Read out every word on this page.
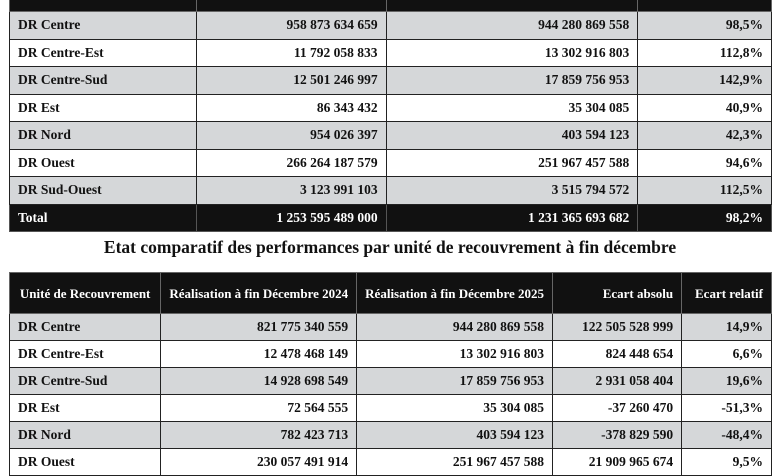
DR Centre	958 873 634 659	944 280 869 558	98,5%
DR Centre-Est	11 792 058 833	13 302 916 803	112,8%
DR Centre-Sud	12 501 246 997	17 859 756 953	142,9%
DR Est	86 343 432	35 304 085	40,9%
DR Nord	954 026 397	403 594 123	42,3%
DR Ouest	266 264 187 579	251 967 457 588	94,6%
DR Sud-Ouest	3 123 991 103	3 515 794 572	112,5%
Total	1 253 595 489 000	1 231 365 693 682	98,2%
Etat comparatif des performances par unité de recouvrement à fin décembre
Unité de Recouvrement	Réalisation à fin Décembre 2024	Réalisation à fin Décembre 2025	Ecart absolu	Ecart relatif
DR Centre	821 775 340 559	944 280 869 558	122 505 528 999	14,9%
DR Centre-Est	12 478 468 149	13 302 916 803	824 448 654	6,6%
DR Centre-Sud	14 928 698 549	17 859 756 953	2 931 058 404	19,6%
DR Est	72 564 555	35 304 085	-37 260 470	-51,3%
DR Nord	782 423 713	403 594 123	-378 829 590	-48,4%
DR Ouest	230 057 491 914	251 967 457 588	21 909 965 674	9,5%
